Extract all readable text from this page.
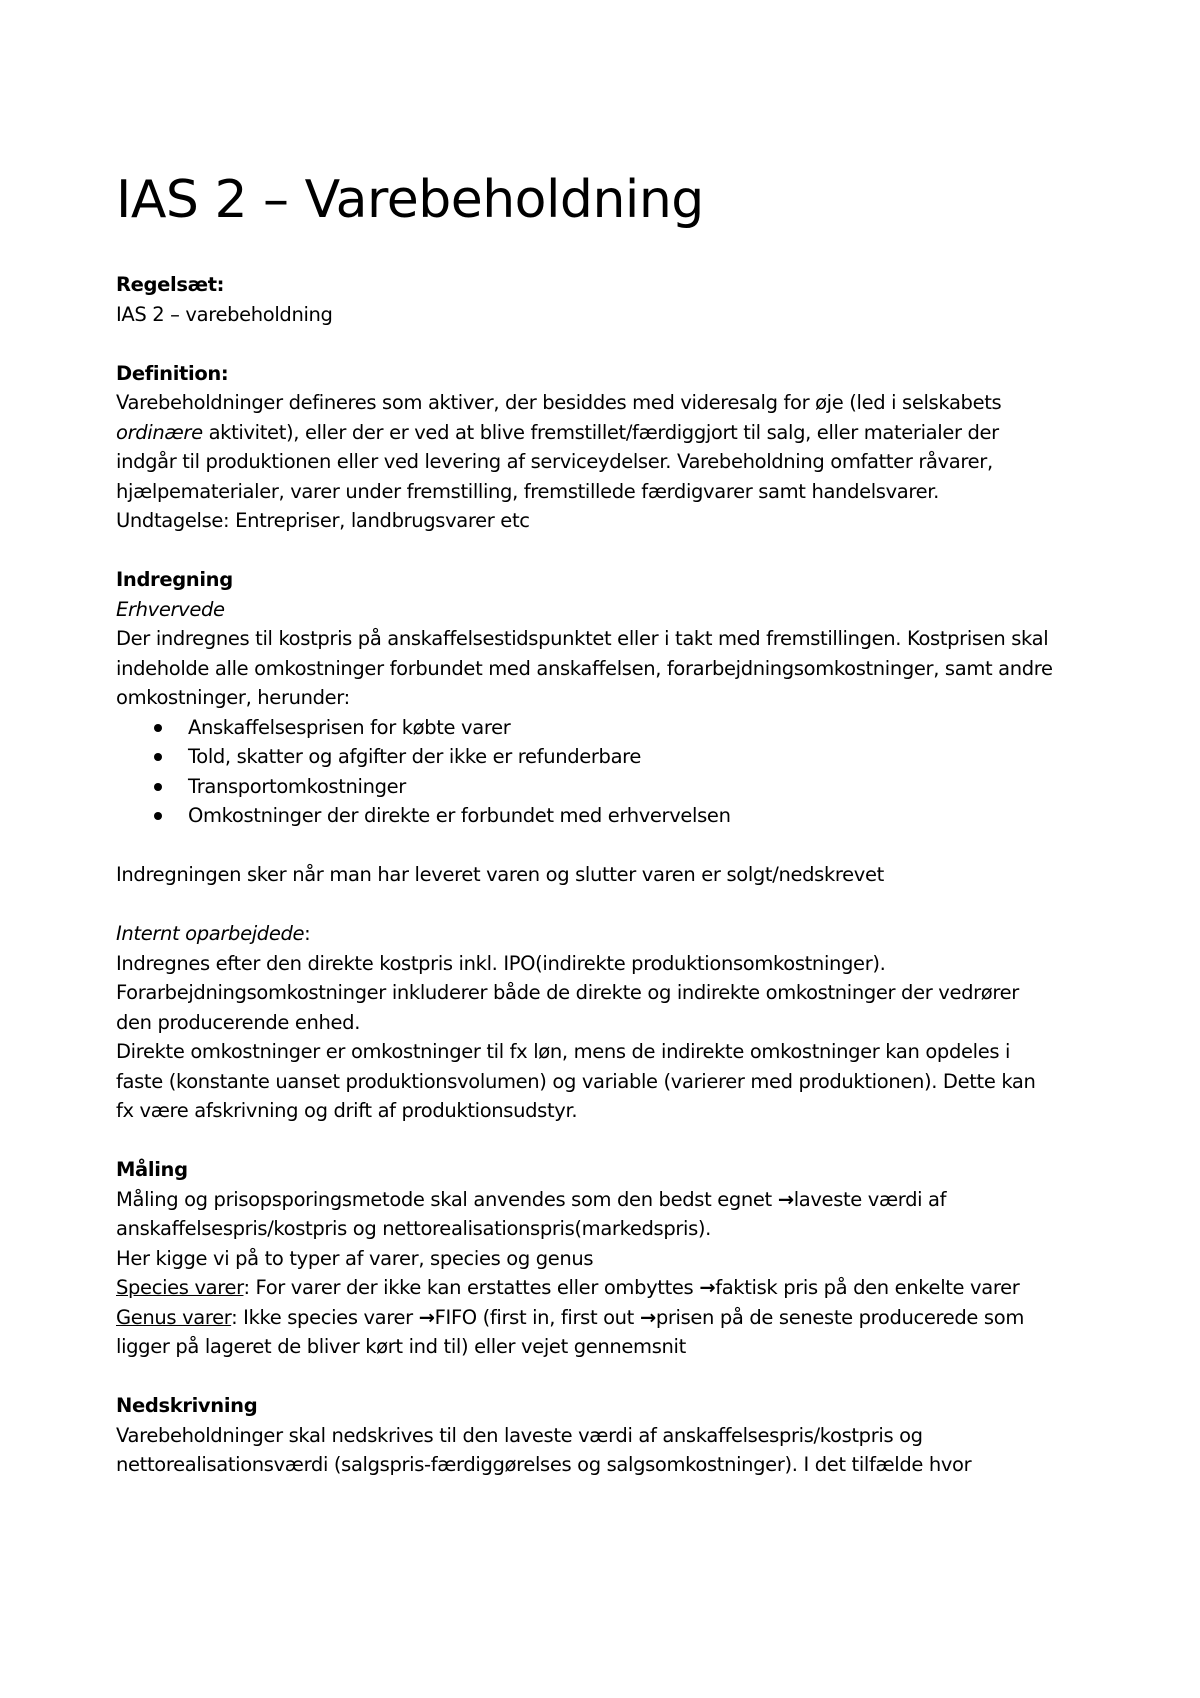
IAS 2 – Varebeholdning
Regelsæt:
IAS 2 – varebeholdning
Definition:
Varebeholdninger defineres som aktiver, der besiddes med videresalg for øje (led i selskabets
ordinære aktivitet), eller der er ved at blive fremstillet/færdiggjort til salg, eller materialer der
indgår til produktionen eller ved levering af serviceydelser. Varebeholdning omfatter råvarer,
hjælpematerialer, varer under fremstilling, fremstillede færdigvarer samt handelsvarer.
Undtagelse: Entrepriser, landbrugsvarer etc
Indregning
Erhvervede
Der indregnes til kostpris på anskaffelsestidspunktet eller i takt med fremstillingen. Kostprisen skal
indeholde alle omkostninger forbundet med anskaffelsen, forarbejdningsomkostninger, samt andre
omkostninger, herunder:
Anskaffelsesprisen for købte varer
Told, skatter og afgifter der ikke er refunderbare
Transportomkostninger
Omkostninger der direkte er forbundet med erhvervelsen
Indregningen sker når man har leveret varen og slutter varen er solgt/nedskrevet
Internt oparbejdede:
Indregnes efter den direkte kostpris inkl. IPO(indirekte produktionsomkostninger).
Forarbejdningsomkostninger inkluderer både de direkte og indirekte omkostninger der vedrører
den producerende enhed.
Direkte omkostninger er omkostninger til fx løn, mens de indirekte omkostninger kan opdeles i
faste (konstante uanset produktionsvolumen) og variable (varierer med produktionen). Dette kan
fx være afskrivning og drift af produktionsudstyr.
Måling
Måling og prisopsporingsmetode skal anvendes som den bedst egnet →laveste værdi af
anskaffelsespris/kostpris og nettorealisationspris(markedspris).
Her kigge vi på to typer af varer, species og genus
Species varer: For varer der ikke kan erstattes eller ombyttes →faktisk pris på den enkelte varer
Genus varer: Ikke species varer →FIFO (first in, first out →prisen på de seneste producerede som
ligger på lageret de bliver kørt ind til) eller vejet gennemsnit
Nedskrivning
Varebeholdninger skal nedskrives til den laveste værdi af anskaffelsespris/kostpris og
nettorealisationsværdi (salgspris-færdiggørelses og salgsomkostninger). I det tilfælde hvor
